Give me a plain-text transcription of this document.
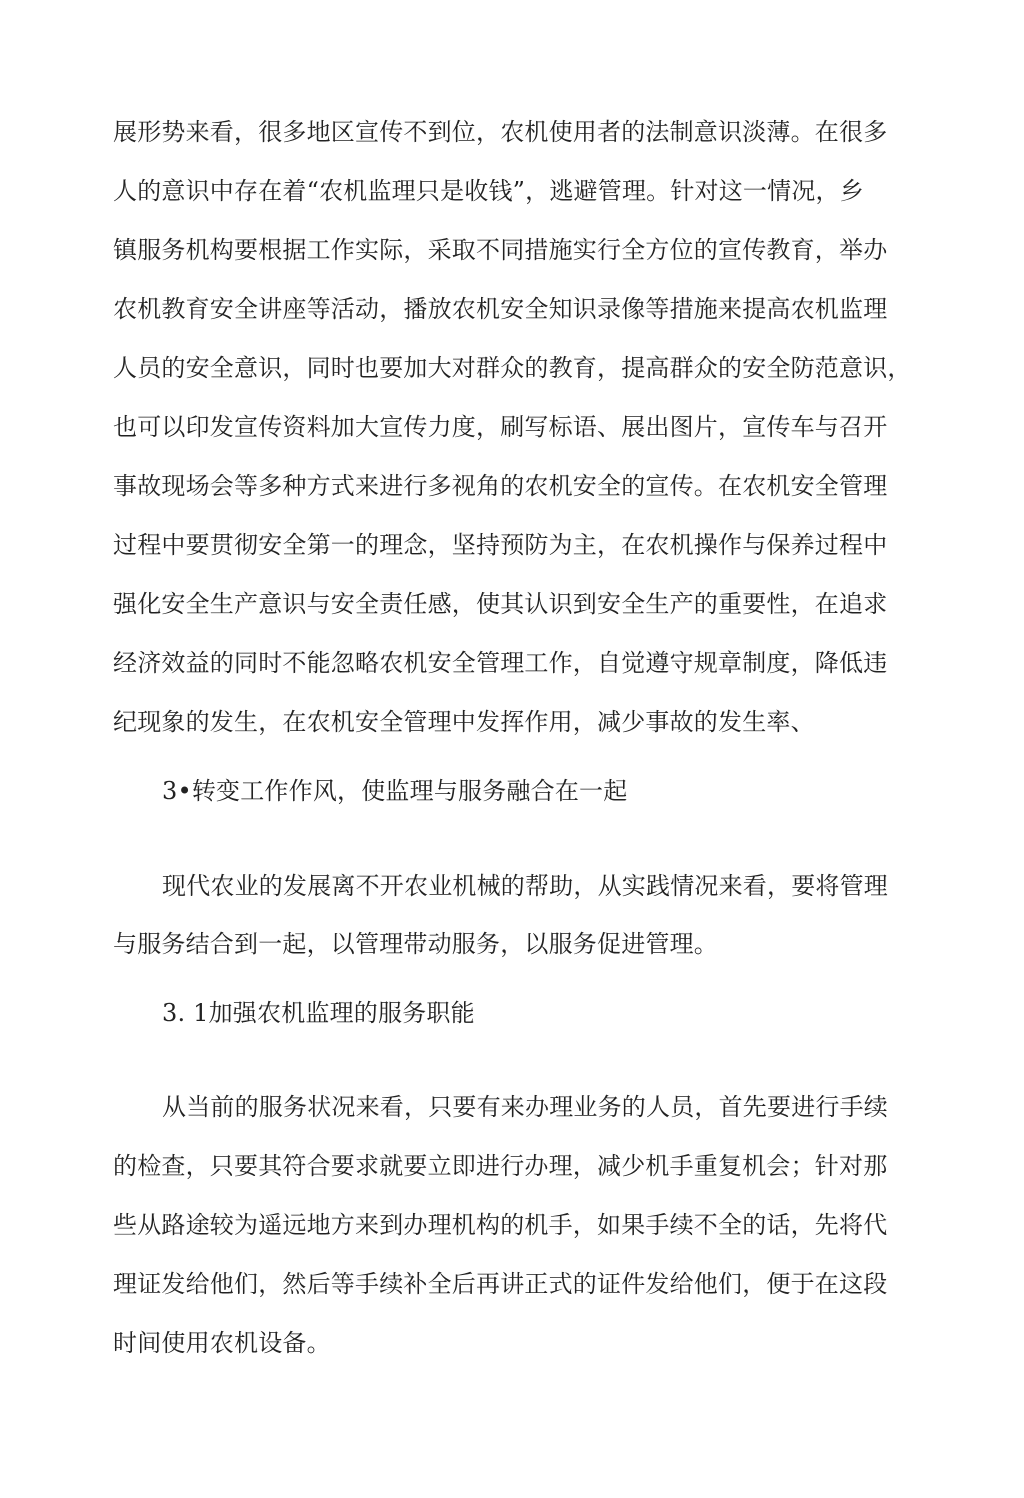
展形势来看，很多地区宣传不到位，农机使用者的法制意识淡薄。在很多
人的意识中存在着“农机监理只是收钱”，逃避管理。针对这一情况，乡
镇服务机构要根据工作实际，采取不同措施实行全方位的宣传教育，举办
农机教育安全讲座等活动，播放农机安全知识录像等措施来提高农机监理
人员的安全意识，同时也要加大对群众的教育，提高群众的安全防范意识，
也可以印发宣传资料加大宣传力度，刷写标语、展出图片，宣传车与召开
事故现场会等多种方式来进行多视角的农机安全的宣传。在农机安全管理
过程中要贯彻安全第一的理念，坚持预防为主，在农机操作与保养过程中
强化安全生产意识与安全责任感，使其认识到安全生产的重要性，在追求
经济效益的同时不能忽略农机安全管理工作，自觉遵守规章制度，降低违
纪现象的发生，在农机安全管理中发挥作用，减少事故的发生率、
3•转变工作作风，使监理与服务融合在一起
现代农业的发展离不开农业机械的帮助，从实践情况来看，要将管理
与服务结合到一起，以管理带动服务，以服务促进管理。
3. 1加强农机监理的服务职能
从当前的服务状况来看，只要有来办理业务的人员，首先要进行手续
的检查，只要其符合要求就要立即进行办理，减少机手重复机会；针对那
些从路途较为遥远地方来到办理机构的机手，如果手续不全的话，先将代
理证发给他们，然后等手续补全后再讲正式的证件发给他们，便于在这段
时间使用农机设备。
